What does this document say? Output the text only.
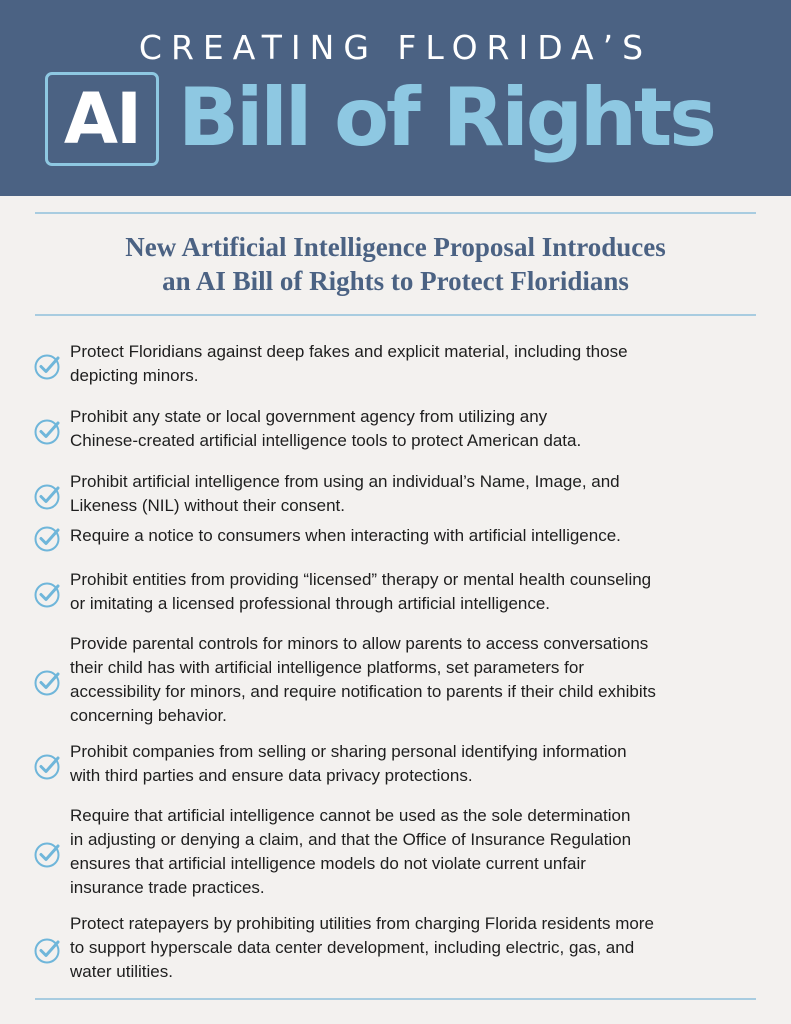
CREATING FLORIDA’S
AI Bill of Rights
New Artificial Intelligence Proposal Introduces
an AI Bill of Rights to Protect Floridians
Protect Floridians against deep fakes and explicit material, including those
depicting minors.
Prohibit any state or local government agency from utilizing any
Chinese-created artificial intelligence tools to protect American data.
Prohibit artificial intelligence from using an individual’s Name, Image, and
Likeness (NIL) without their consent.
Require a notice to consumers when interacting with artificial intelligence.
Prohibit entities from providing “licensed” therapy or mental health counseling
or imitating a licensed professional through artificial intelligence.
Provide parental controls for minors to allow parents to access conversations
their child has with artificial intelligence platforms, set parameters for
accessibility for minors, and require notification to parents if their child exhibits
concerning behavior.
Prohibit companies from selling or sharing personal identifying information
with third parties and ensure data privacy protections.
Require that artificial intelligence cannot be used as the sole determination
in adjusting or denying a claim, and that the Office of Insurance Regulation
ensures that artificial intelligence models do not violate current unfair
insurance trade practices.
Protect ratepayers by prohibiting utilities from charging Florida residents more
to support hyperscale data center development, including electric, gas, and
water utilities.
